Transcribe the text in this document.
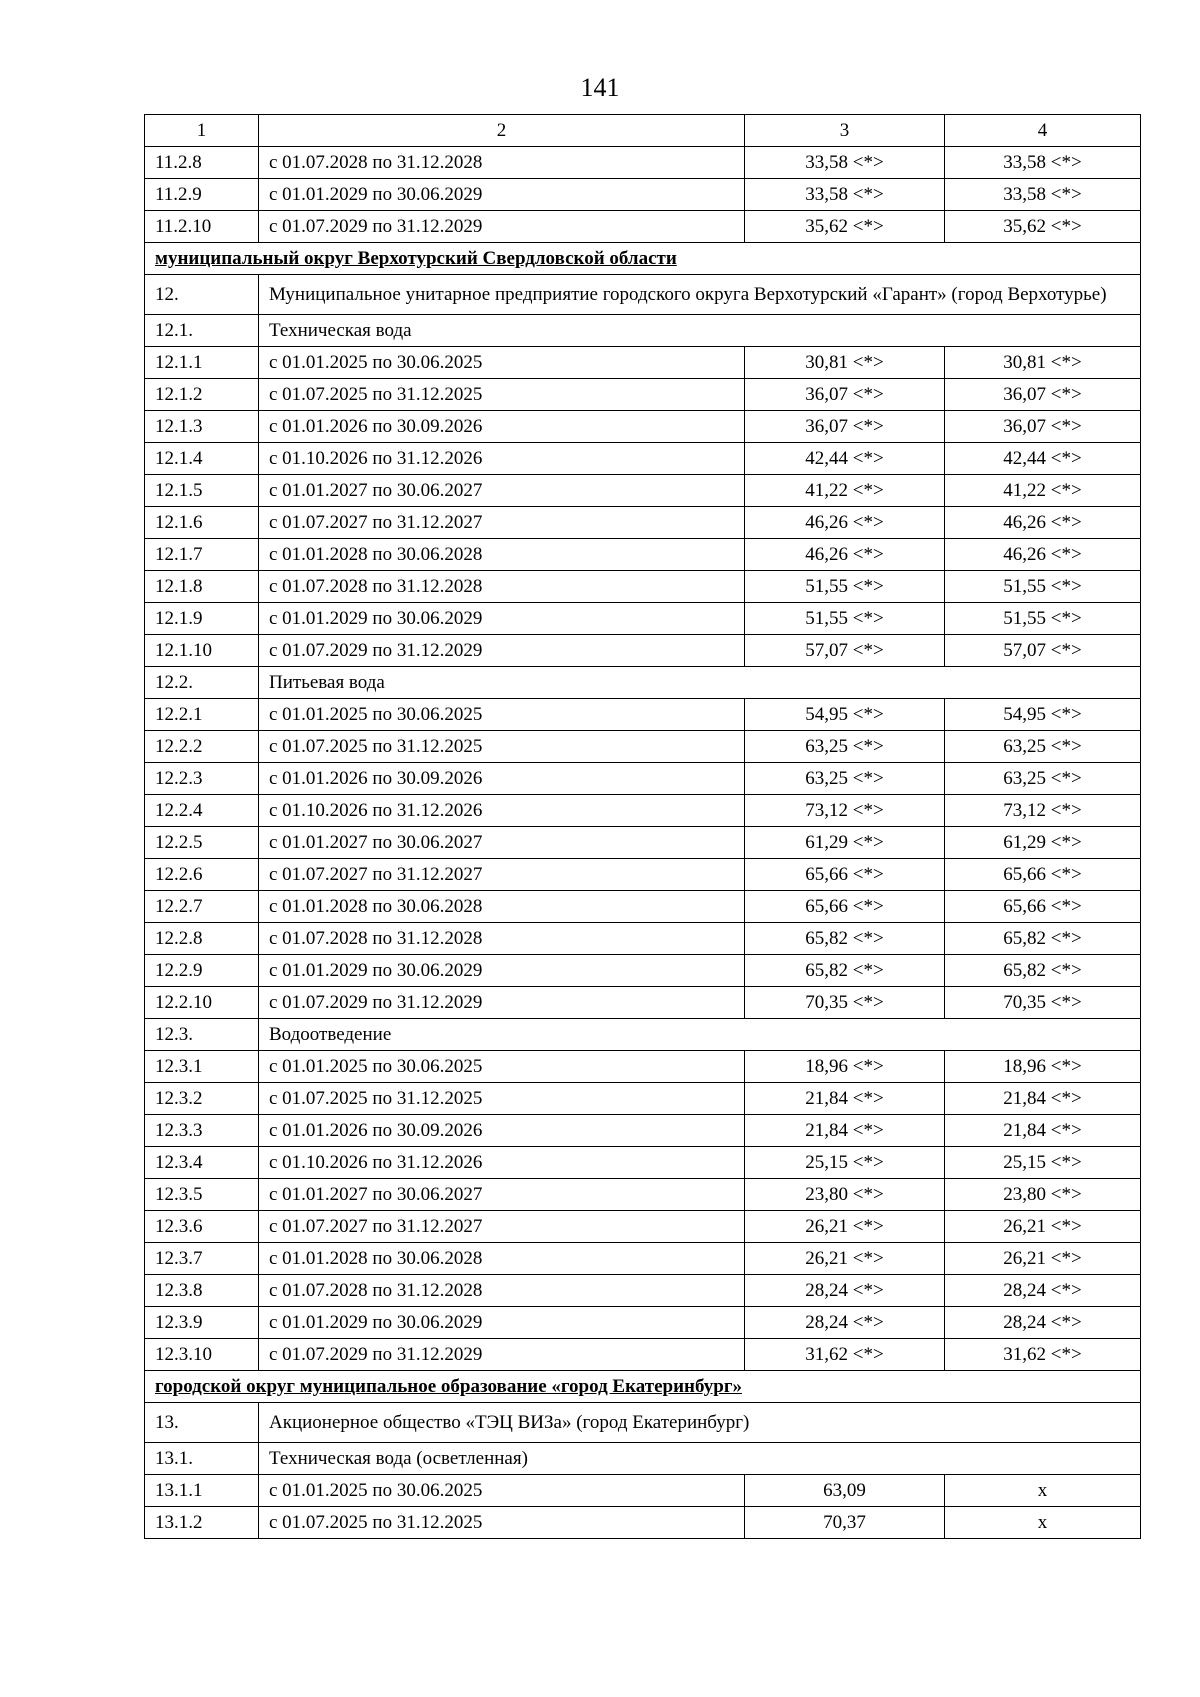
141
1	2	3	4
11.2.8	с 01.07.2028 по 31.12.2028	33,58 <*>	33,58 <*>
11.2.9	с 01.01.2029 по 30.06.2029	33,58 <*>	33,58 <*>
11.2.10	с 01.07.2029 по 31.12.2029	35,62 <*>	35,62 <*>
муниципальный округ Верхотурский Свердловской области			
12.	Муниципальное унитарное предприятие городского округа Верхотурский «Гарант» (город Верхотурье)		
12.1.	Техническая вода		
12.1.1	с 01.01.2025 по 30.06.2025	30,81 <*>	30,81 <*>
12.1.2	с 01.07.2025 по 31.12.2025	36,07 <*>	36,07 <*>
12.1.3	с 01.01.2026 по 30.09.2026	36,07 <*>	36,07 <*>
12.1.4	с 01.10.2026 по 31.12.2026	42,44 <*>	42,44 <*>
12.1.5	с 01.01.2027 по 30.06.2027	41,22 <*>	41,22 <*>
12.1.6	с 01.07.2027 по 31.12.2027	46,26 <*>	46,26 <*>
12.1.7	с 01.01.2028 по 30.06.2028	46,26 <*>	46,26 <*>
12.1.8	с 01.07.2028 по 31.12.2028	51,55 <*>	51,55 <*>
12.1.9	с 01.01.2029 по 30.06.2029	51,55 <*>	51,55 <*>
12.1.10	с 01.07.2029 по 31.12.2029	57,07 <*>	57,07 <*>
12.2.	Питьевая вода		
12.2.1	с 01.01.2025 по 30.06.2025	54,95 <*>	54,95 <*>
12.2.2	с 01.07.2025 по 31.12.2025	63,25 <*>	63,25 <*>
12.2.3	с 01.01.2026 по 30.09.2026	63,25 <*>	63,25 <*>
12.2.4	с 01.10.2026 по 31.12.2026	73,12 <*>	73,12 <*>
12.2.5	с 01.01.2027 по 30.06.2027	61,29 <*>	61,29 <*>
12.2.6	с 01.07.2027 по 31.12.2027	65,66 <*>	65,66 <*>
12.2.7	с 01.01.2028 по 30.06.2028	65,66 <*>	65,66 <*>
12.2.8	с 01.07.2028 по 31.12.2028	65,82 <*>	65,82 <*>
12.2.9	с 01.01.2029 по 30.06.2029	65,82 <*>	65,82 <*>
12.2.10	с 01.07.2029 по 31.12.2029	70,35 <*>	70,35 <*>
12.3.	Водоотведение		
12.3.1	с 01.01.2025 по 30.06.2025	18,96 <*>	18,96 <*>
12.3.2	с 01.07.2025 по 31.12.2025	21,84 <*>	21,84 <*>
12.3.3	с 01.01.2026 по 30.09.2026	21,84 <*>	21,84 <*>
12.3.4	с 01.10.2026 по 31.12.2026	25,15 <*>	25,15 <*>
12.3.5	с 01.01.2027 по 30.06.2027	23,80 <*>	23,80 <*>
12.3.6	с 01.07.2027 по 31.12.2027	26,21 <*>	26,21 <*>
12.3.7	с 01.01.2028 по 30.06.2028	26,21 <*>	26,21 <*>
12.3.8	с 01.07.2028 по 31.12.2028	28,24 <*>	28,24 <*>
12.3.9	с 01.01.2029 по 30.06.2029	28,24 <*>	28,24 <*>
12.3.10	с 01.07.2029 по 31.12.2029	31,62 <*>	31,62 <*>
городской округ муниципальное образование «город Екатеринбург»			
13.	Акционерное общество «ТЭЦ ВИЗа» (город Екатеринбург)		
13.1.	Техническая вода (осветленная)		
13.1.1	с 01.01.2025 по 30.06.2025	63,09	x
13.1.2	с 01.07.2025 по 31.12.2025	70,37	x
